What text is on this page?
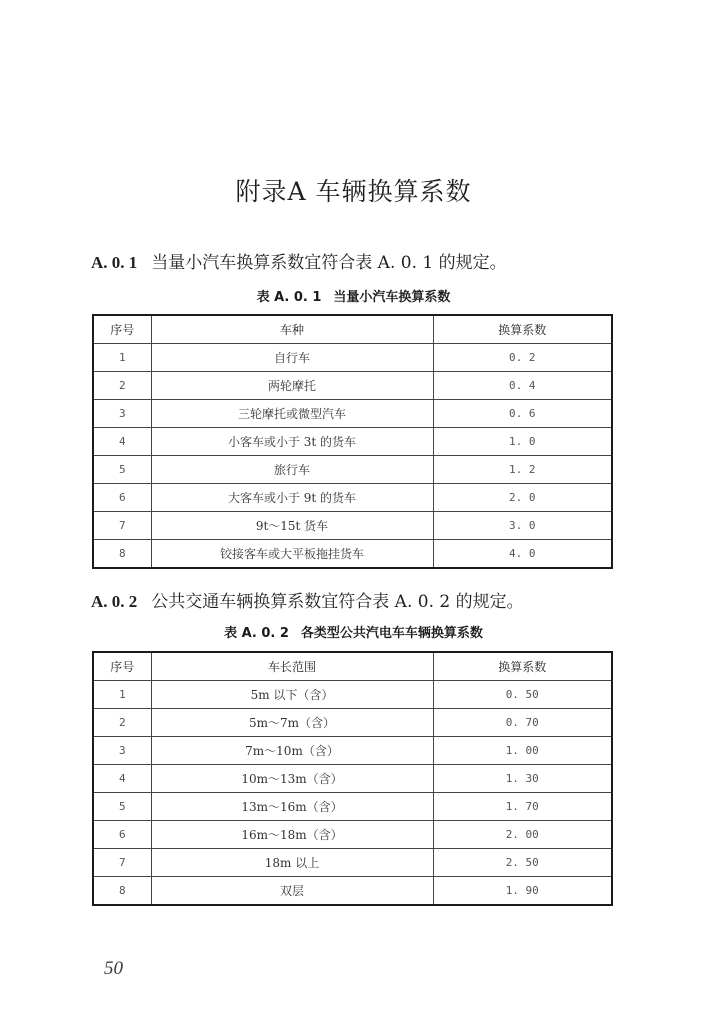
附录A 车辆换算系数
A. 0. 1 当量小汽车换算系数宜符合表 A. 0. 1 的规定。
表 A. 0. 1 当量小汽车换算系数
序号	车种	换算系数
1	自行车	0. 2
2	两轮摩托	0. 4
3	三轮摩托或微型汽车	0. 6
4	小客车或小于 3t 的货车	1. 0
5	旅行车	1. 2
6	大客车或小于 9t 的货车	2. 0
7	9t～15t 货车	3. 0
8	铰接客车或大平板拖挂货车	4. 0
A. 0. 2 公共交通车辆换算系数宜符合表 A. 0. 2 的规定。
表 A. 0. 2 各类型公共汽电车车辆换算系数
序号	车长范围	换算系数
1	5m 以下（含）	0. 50
2	5m～7m（含）	0. 70
3	7m～10m（含）	1. 00
4	10m～13m（含）	1. 30
5	13m～16m（含）	1. 70
6	16m～18m（含）	2. 00
7	18m 以上	2. 50
8	双层	1. 90
50
